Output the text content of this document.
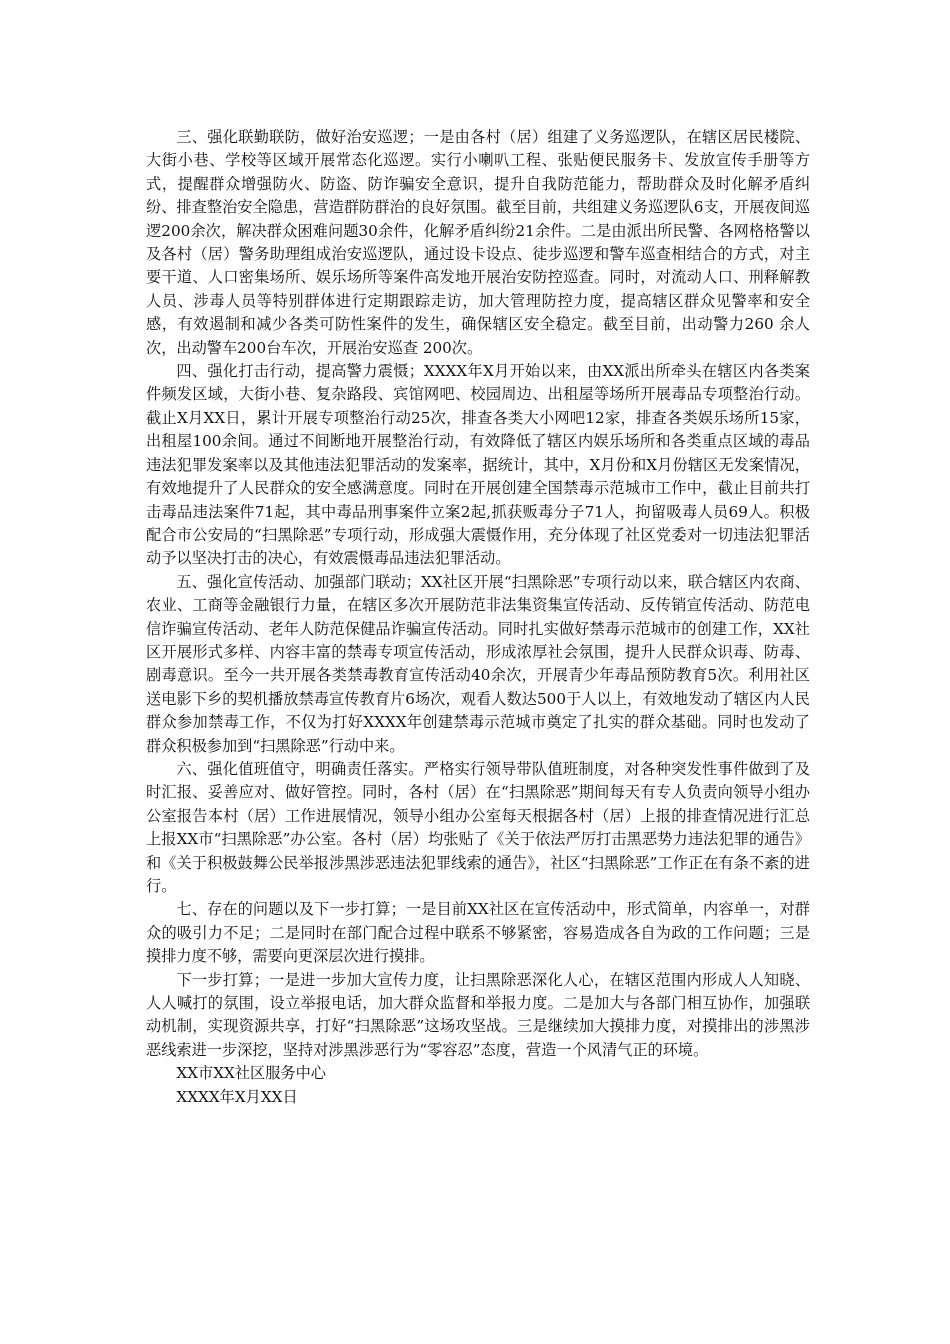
三、强化联勤联防，做好治安巡逻；一是由各村（居）组建了义务巡逻队，在辖区居民楼院、大街小巷、学校等区域开展常态化巡逻。实行小喇叭工程、张贴便民服务卡、发放宣传手册等方式，提醒群众增强防火、防盗、防诈骗安全意识，提升自我防范能力，帮助群众及时化解矛盾纠纷、排查整治安全隐患，营造群防群治的良好氛围。截至目前，共组建义务巡逻队6支，开展夜间巡逻200余次，解决群众困难问题30余件，化解矛盾纠纷21余件。二是由派出所民警、各网格格警以及各村（居）警务助理组成治安巡逻队，通过设卡设点、徒步巡逻和警车巡查相结合的方式，对主要干道、人口密集场所、娱乐场所等案件高发地开展治安防控巡查。同时，对流动人口、刑释解教人员、涉毒人员等特别群体进行定期跟踪走访，加大管理防控力度，提高辖区群众见警率和安全感，有效遏制和减少各类可防性案件的发生，确保辖区安全稳定。截至目前，出动警力260 余人次，出动警车200台车次，开展治安巡查 200次。

四、强化打击行动，提高警力震慑；XXXX年X月开始以来，由XX派出所牵头在辖区内各类案件频发区域，大街小巷、复杂路段、宾馆网吧、校园周边、出租屋等场所开展毒品专项整治行动。截止X月XX日，累计开展专项整治行动25次，排查各类大小网吧12家，排查各类娱乐场所15家，出租屋100余间。通过不间断地开展整治行动，有效降低了辖区内娱乐场所和各类重点区域的毒品违法犯罪发案率以及其他违法犯罪活动的发案率，据统计，其中，X月份和X月份辖区无发案情况，有效地提升了人民群众的安全感满意度。同时在开展创建全国禁毒示范城市工作中，截止目前共打击毒品违法案件71起，其中毒品刑事案件立案2起,抓获贩毒分子71人，拘留吸毒人员69人。积极配合市公安局的“扫黑除恶”专项行动，形成强大震慑作用，充分体现了社区党委对一切违法犯罪活动予以坚决打击的决心，有效震慑毒品违法犯罪活动。

五、强化宣传活动、加强部门联动；XX社区开展“扫黑除恶”专项行动以来，联合辖区内农商、农业、工商等金融银行力量，在辖区多次开展防范非法集资集宣传活动、反传销宣传活动、防范电信诈骗宣传活动、老年人防范保健品诈骗宣传活动。同时扎实做好禁毒示范城市的创建工作，XX社区开展形式多样、内容丰富的禁毒专项宣传活动，形成浓厚社会氛围，提升人民群众识毒、防毒、剧毒意识。至今一共开展各类禁毒教育宣传活动40余次，开展青少年毒品预防教育5次。利用社区送电影下乡的契机播放禁毒宣传教育片6场次，观看人数达500于人以上，有效地发动了辖区内人民群众参加禁毒工作，不仅为打好XXXX年创建禁毒示范城市奠定了扎实的群众基础。同时也发动了群众积极参加到“扫黑除恶”行动中来。

六、强化值班值守，明确责任落实。严格实行领导带队值班制度，对各种突发性事件做到了及时汇报、妥善应对、做好管控。同时，各村（居）在“扫黑除恶”期间每天有专人负责向领导小组办公室报告本村（居）工作进展情况，领导小组办公室每天根据各村（居）上报的排查情况进行汇总上报XX市“扫黑除恶”办公室。各村（居）均张贴了《关于依法严厉打击黑恶势力违法犯罪的通告》和《关于积极鼓舞公民举报涉黑涉恶违法犯罪线索的通告》，社区“扫黑除恶”工作正在有条不紊的进行。

七、存在的问题以及下一步打算；一是目前XX社区在宣传活动中，形式简单，内容单一，对群众的吸引力不足；二是同时在部门配合过程中联系不够紧密，容易造成各自为政的工作问题；三是摸排力度不够，需要向更深层次进行摸排。

下一步打算；一是进一步加大宣传力度，让扫黑除恶深化人心，在辖区范围内形成人人知晓、人人喊打的氛围，设立举报电话，加大群众监督和举报力度。二是加大与各部门相互协作，加强联动机制，实现资源共享，打好“扫黑除恶”这场攻坚战。三是继续加大摸排力度，对摸排出的涉黑涉恶线索进一步深挖，坚持对涉黑涉恶行为“零容忍”态度，营造一个风清气正的环境。

XX市XX社区服务中心

XXXX年X月XX日
